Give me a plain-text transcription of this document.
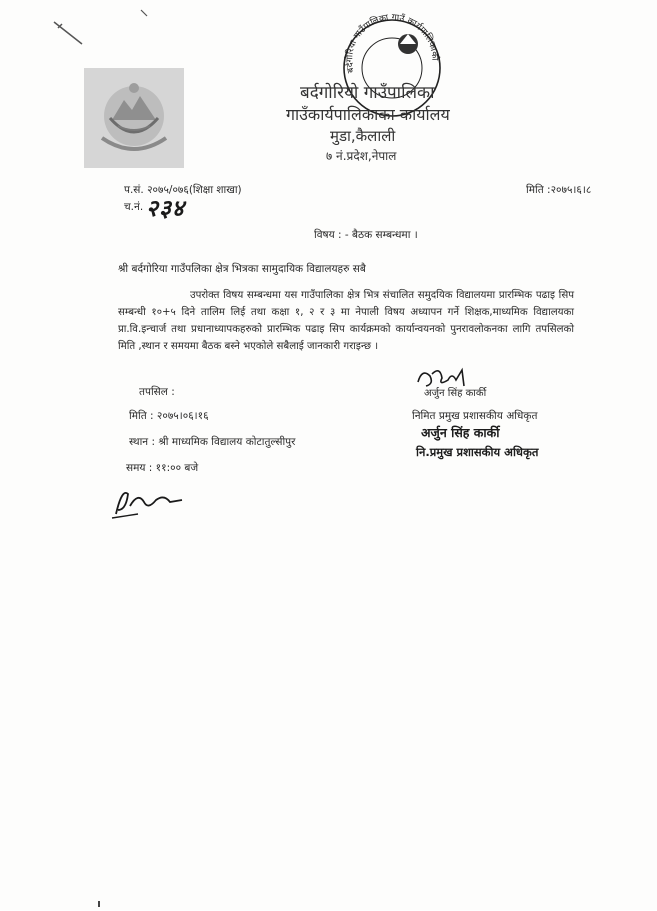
बर्दगोरिया गाउँपालिका गाउँ कार्यपालिकाको
बर्दगोरियो गाउँपालिका
गाउँकार्यपालिकाका कार्यालय
मुडा,कैलाली
७ नं.प्रदेश,नेपाल
प.सं. २०७५/०७६(शिक्षा शाखा)
च.नं. २३४
मिति :२०७५।६।८
विषय : - बैठक सम्बन्धमा ।
श्री बर्दगोरिया गाउँपलिका क्षेत्र भित्रका सामुदायिक विद्यालयहरु सबै
उपरोक्त विषय सम्बन्धमा यस गाउँपालिका क्षेत्र भित्र संचालित समुदयिक विद्यालयमा प्रारम्भिक पढाइ सिप सम्बन्धी १०+५ दिने तालिम लिई तथा कक्षा १, २ र ३ मा नेपाली विषय अध्यापन गर्ने शिक्षक,माध्यमिक विद्यालयका प्रा.वि.इन्चार्ज तथा प्रधानाध्यापकहरुको प्रारम्भिक पढाइ सिप कार्यक्रमको कार्यान्वयनको पुनरावलोकनका लागि तपसिलको मिति ,स्थान र समयमा बैठक बस्ने भएकोले सबैलाई जानकारी गराइन्छ ।
अर्जुन सिंह कार्की
निमित प्रमुख प्रशासकीय अधिकृत
अर्जुन सिंह कार्की
नि.प्रमुख प्रशासकीय अधिकृत
तपसिल :
मिति : २०७५।०६।१६
स्थान : श्री माध्यमिक विद्यालय कोटातुल्सीपुर
समय : ११:०० बजे
